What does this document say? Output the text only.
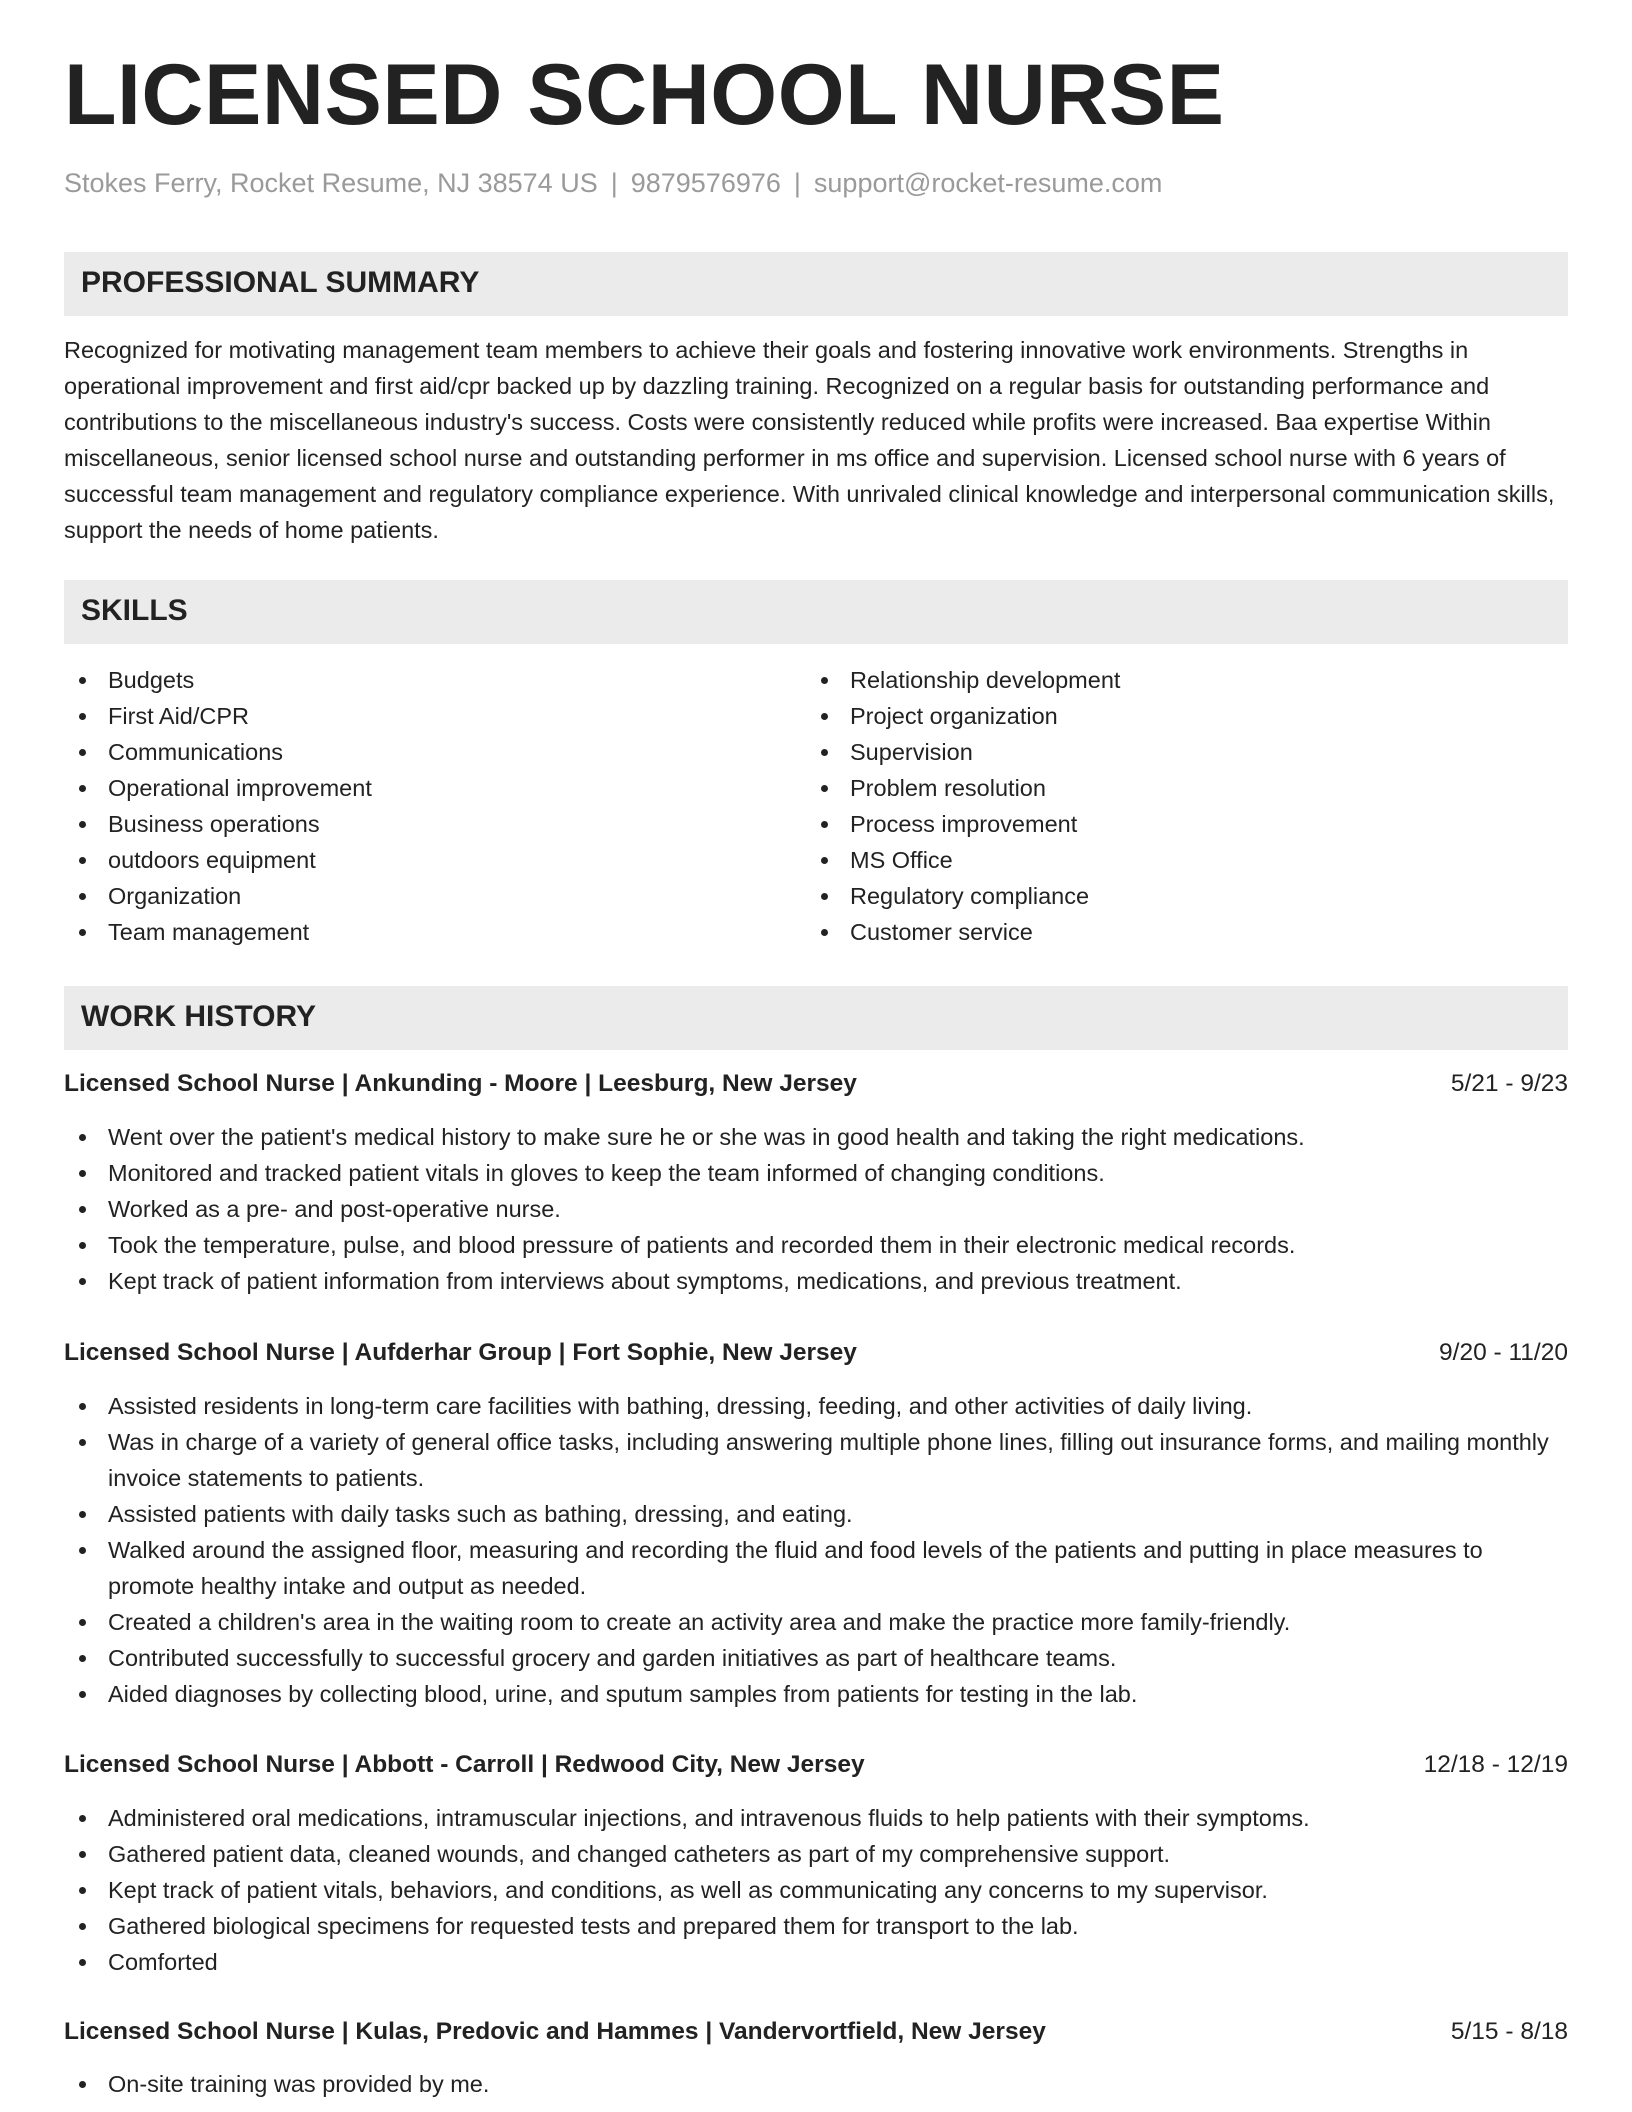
LICENSED SCHOOL NURSE
Stokes Ferry, Rocket Resume, NJ 38574 US | 9879576976 | support@rocket-resume.com
PROFESSIONAL SUMMARY

Recognized for motivating management team members to achieve their goals and fostering innovative work environments. Strengths in operational improvement and first aid/cpr backed up by dazzling training. Recognized on a regular basis for outstanding performance and contributions to the miscellaneous industry's success. Costs were consistently reduced while profits were increased. Baa expertise Within miscellaneous, senior licensed school nurse and outstanding performer in ms office and supervision. Licensed school nurse with 6 years of successful team management and regulatory compliance experience. With unrivaled clinical knowledge and interpersonal communication skills, support the needs of home patients.

SKILLS
Budgets
First Aid/CPR
Communications
Operational improvement
Business operations
outdoors equipment
Organization
Team management
Relationship development
Project organization
Supervision
Problem resolution
Process improvement
MS Office
Regulatory compliance
Customer service
WORK HISTORY
Licensed School Nurse | Ankunding - Moore | Leesburg, New Jersey	5/21 - 9/23
Went over the patient's medical history to make sure he or she was in good health and taking the right medications.
Monitored and tracked patient vitals in gloves to keep the team informed of changing conditions.
Worked as a pre- and post-operative nurse.
Took the temperature, pulse, and blood pressure of patients and recorded them in their electronic medical records.
Kept track of patient information from interviews about symptoms, medications, and previous treatment.
Licensed School Nurse | Aufderhar Group | Fort Sophie, New Jersey	9/20 - 11/20
Assisted residents in long-term care facilities with bathing, dressing, feeding, and other activities of daily living.
Was in charge of a variety of general office tasks, including answering multiple phone lines, filling out insurance forms, and mailing monthly invoice statements to patients.
Assisted patients with daily tasks such as bathing, dressing, and eating.
Walked around the assigned floor, measuring and recording the fluid and food levels of the patients and putting in place measures to promote healthy intake and output as needed.
Created a children's area in the waiting room to create an activity area and make the practice more family-friendly.
Contributed successfully to successful grocery and garden initiatives as part of healthcare teams.
Aided diagnoses by collecting blood, urine, and sputum samples from patients for testing in the lab.
Licensed School Nurse | Abbott - Carroll | Redwood City, New Jersey	12/18 - 12/19
Administered oral medications, intramuscular injections, and intravenous fluids to help patients with their symptoms.
Gathered patient data, cleaned wounds, and changed catheters as part of my comprehensive support.
Kept track of patient vitals, behaviors, and conditions, as well as communicating any concerns to my supervisor.
Gathered biological specimens for requested tests and prepared them for transport to the lab.
Comforted
Licensed School Nurse | Kulas, Predovic and Hammes | Vandervortfield, New Jersey	5/15 - 8/18
On-site training was provided by me.
